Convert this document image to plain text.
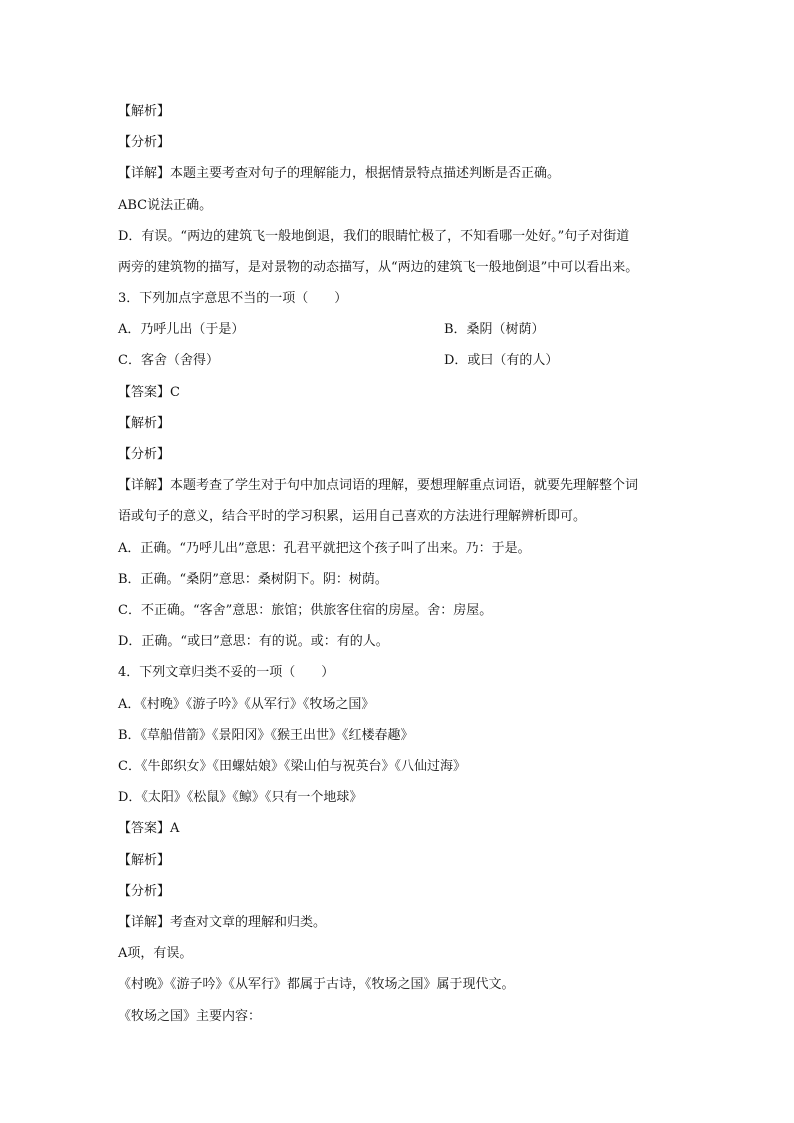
【解析】
【分析】
【详解】本题主要考查对句子的理解能力，根据情景特点描述判断是否正确。
ABC说法正确。
D．有误。“两边的建筑飞一般地倒退，我们的眼睛忙极了，不知看哪一处好。”句子对街道
两旁的建筑物的描写，是对景物的动态描写，从“两边的建筑飞一般地倒退”中可以看出来。
3．下列加点字意思不当的一项（　　）
A．乃呼儿出（于是）	B．桑阴（树荫）
C．客舍（舍得）	D．或曰（有的人）
【答案】C
【解析】
【分析】
【详解】本题考查了学生对于句中加点词语的理解，要想理解重点词语，就要先理解整个词
语或句子的意义，结合平时的学习积累，运用自己喜欢的方法进行理解辨析即可。
A．正确。“乃呼儿出”意思：孔君平就把这个孩子叫了出来。乃：于是。
B．正确。“桑阴”意思：桑树阴下。阴：树荫。
C．不正确。“客舍”意思：旅馆；供旅客住宿的房屋。舍：房屋。
D．正确。“或曰”意思：有的说。或：有的人。
4．下列文章归类不妥的一项（　　）
A．《村晚》《游子吟》《从军行》《牧场之国》
B．《草船借箭》《景阳冈》《猴王出世》《红楼春趣》
C．《牛郎织女》《田螺姑娘》《梁山伯与祝英台》《八仙过海》
D．《太阳》《松鼠》《鲸》《只有一个地球》
【答案】A
【解析】
【分析】
【详解】考查对文章的理解和归类。
A项，有误。
《村晚》《游子吟》《从军行》都属于古诗，《牧场之国》属于现代文。
《牧场之国》主要内容：
